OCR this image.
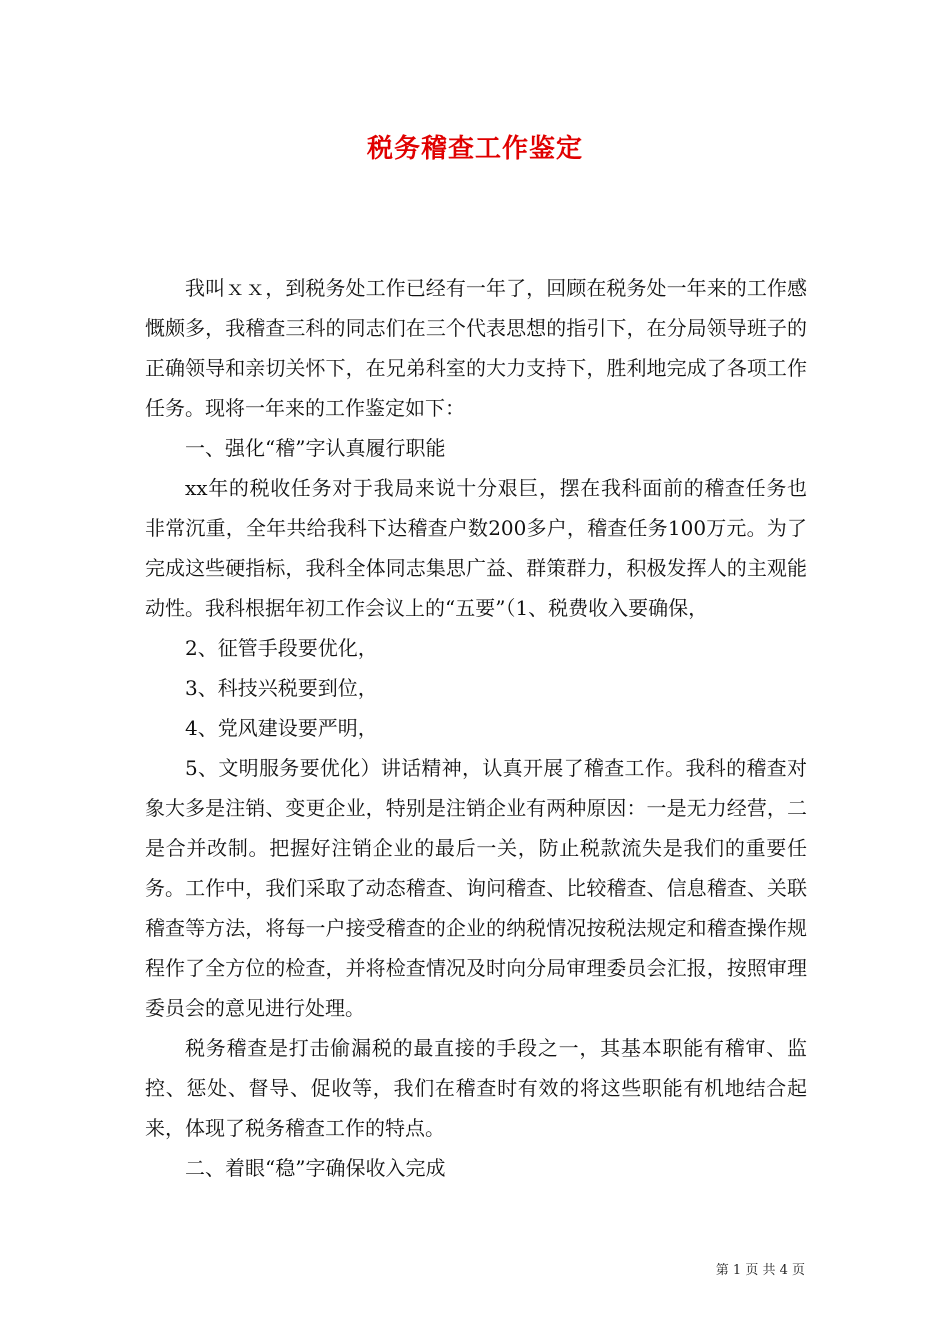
税务稽查工作鉴定

我叫ｘｘ，到税务处工作已经有一年了，回顾在税务处一年来的工作感慨颇多，我稽查三科的同志们在三个代表思想的指引下，在分局领导班子的正确领导和亲切关怀下，在兄弟科室的大力支持下，胜利地完成了各项工作任务。现将一年来的工作鉴定如下：

一、强化“稽”字认真履行职能

xx年的税收任务对于我局来说十分艰巨，摆在我科面前的稽查任务也非常沉重，全年共给我科下达稽查户数200多户，稽查任务100万元。为了完成这些硬指标，我科全体同志集思广益、群策群力，积极发挥人的主观能动性。我科根据年初工作会议上的“五要”（1、税费收入要确保，

2、征管手段要优化，

3、科技兴税要到位，

4、党风建设要严明，

5、文明服务要优化）讲话精神，认真开展了稽查工作。我科的稽查对象大多是注销、变更企业，特别是注销企业有两种原因：一是无力经营，二是合并改制。把握好注销企业的最后一关，防止税款流失是我们的重要任务。工作中，我们采取了动态稽查、询问稽查、比较稽查、信息稽查、关联稽查等方法，将每一户接受稽查的企业的纳税情况按税法规定和稽查操作规程作了全方位的检查，并将检查情况及时向分局审理委员会汇报，按照审理委员会的意见进行处理。

税务稽查是打击偷漏税的最直接的手段之一，其基本职能有稽审、监控、惩处、督导、促收等，我们在稽查时有效的将这些职能有机地结合起来，体现了税务稽查工作的特点。

二、着眼“稳”字确保收入完成

第 1 页 共 4 页
